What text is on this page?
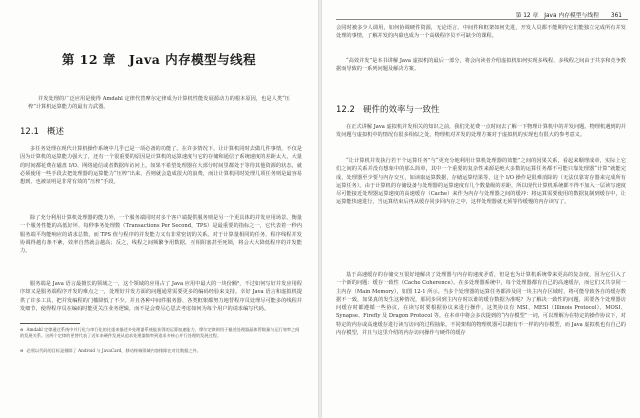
第 12 章　Java 内存模型与线程
并发处理的广泛应用是使得 Amdahl 定律代替摩尔定律成为计算机性能发展源动力的根本原因，也是人类“压榨”计算机运算能力的最有力武器。
12.1 概述
多任务处理在现代计算机操作系统中几乎已是一项必备的功能了。在许多情况下，让计算机同时去做几件事情，不仅是因为计算机的运算能力强大了，还有一个很重要的原因是计算机的运算速度与它的存储和通信子系统速度的差距太大，大量的时间都花费在磁盘 I/O、网络通信或者数据库访问上。如果不希望处理器在大部分时间里都处于等待其他资源的状态，就必须使用一些手段去把处理器的运算能力“压榨”出来，否则就会造成很大的浪费，而让计算机同时处理几项任务则是最容易想到、也被证明是非常有效的“压榨”手段。
除了充分利用计算机处理器的能力外，一个服务端同时对多个客户端提供服务则是另一个更具体的并发应用场景。衡量一个服务性能的高低好坏，每秒事务处理数（Transactions Per Second，TPS）是最重要的指标之一，它代表着一秒内服务端平均能响应的请求总数，而 TPS 值与程序的并发能力又有非常密切的关系。对于计算量相同的任务，程序线程并发协调得越有条不紊，效率自然就会越高；反之，线程之间频繁争用数据，互相阻塞甚至死锁，将会大大降低程序的并发能力。
服务端是 Java 语言最擅长的领域之一，这个领域的应用占了 Java 应用中最大的一块份额⁰，不过如何写好并发应用程序却又是服务端程序开发的难点之一，处理好并发方面的问题通常需要更多的编码经验来支持。幸好 Java 语言和虚拟机提供了许多工具，把并发编程的门槛降低了不少。并且各种中间件服务器、各类框架都努力地替程序员处理尽可能多的线程并发细节，使得程序员在编码时能更关注业务逻辑，而不是会费尽心思去考虑如何为每个用户的请求编写代码。
⊖ Amdahl 定律通过系统中并行化与串行化的比重来描述多处理器系统能获得的运算加速能力，摩尔定律则用于描述处理器晶体管数量与运行效率之间的发展关系。这两个定律的更替代表了近年来硬件发展从追求处理器频率到追求多核心并行处理的发展过程。
⊖ 必须以代码的目标是排除了 Android 与 JavaCard，移动终端领域内容排除在对比数据之外。
第 12 章 Java 内存模型与线程 361
会同时被多少人调用，如何协调硬件资源，无论语言、中间件和框架如何先进，开发人员都不能期待它们能独立完成所有并发处理的事情，了解并发的内幕也成为一个高级程序员不可缺少的课程。
“高效并发”是本书讲解 Java 虚拟机的最后一部分，将会向读者介绍虚拟机如何实现多线程、多线程之间由于共享和竞争数据而导致的一系列问题及解决方案。
12.2 硬件的效率与一致性
在正式讲解 Java 虚拟机并发相关的知识之前，我们先花费一点时间去了解一下物理计算机中的并发问题。物理机遇到的并发问题与虚拟机中的情况有很多相似之处，物理机对并发的处理方案对于虚拟机的实现也有很大的参考意义。
“让计算机并发执行若干个运算任务”与“更充分地利用计算机处理器的效能”之间的因果关系，看起来顺理成章，实际上它们之间的关系并没有想象中的那么简单，其中一个重要的复杂性来源是绝大多数的运算任务都不可能只靠处理器“计算”就能完成，处理器至少要与内存交互，如读取运算数据、存储运算结果等，这个 I/O 操作是很难消除的（无法仅靠寄存器来完成所有运算任务）。由于计算机的存储设备与处理器的运算速度有几个数量级的差距，所以现代计算机系统都不得不加入一层读写速度尽可能接近处理器运算速度的高速缓存（Cache）来作为内存与处理器之间的缓冲：将运算需要使用的数据复制到缓存中，让运算能快速进行，当运算结束后再从缓存同步回内存之中，这样处理器就无须等待缓慢的内存读写了。
基于高速缓存的存储交互很好地解决了处理器与内存的速度矛盾，但是也为计算机系统带来更高的复杂度，因为它引入了一个新的问题：缓存一致性（Cache Coherence）。在多处理器系统中，每个处理器都有自己的高速缓存，而它们又共享同一主内存（Main Memory），如图 12-1 所示。当多个处理器的运算任务都涉及同一块主内存区域时，将可能导致各自的缓存数据不一致，如果真的发生这种情况，那同步回到主内存时以谁的缓存数据为准呢？为了解决一致性的问题，需要各个处理器访问缓存时都遵循一些协议，在读写时要根据协议来进行操作，这类协议有 MSI、MESI（Illinois Protocol）、MOSI、Synapse、Firefly 及 Dragon Protocol 等。在本章中将会多次提到的“内存模型”一词，可以理解为在特定的操作协议下，对特定的内存或高速缓存进行读写访问的过程抽象。不同架构的物理机器可以拥有不一样的内存模型，而 Java 虚拟机也有自己的内存模型，并且与这里介绍的内存访问操作与硬件的缓存
